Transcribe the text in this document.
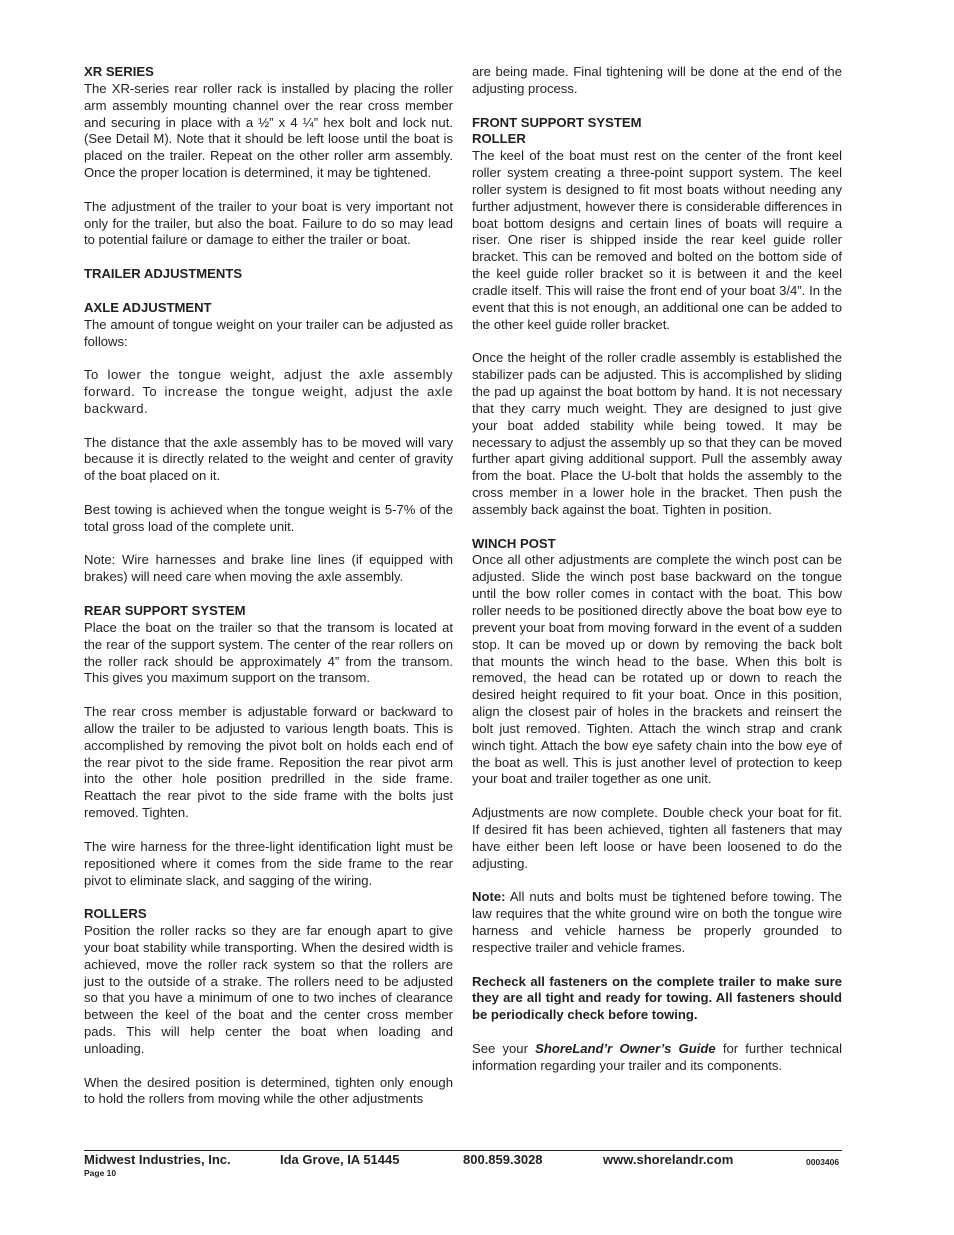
XR SERIES

The XR-series rear roller rack is installed by placing the roller arm assembly mounting channel over the rear cross member and securing in place with a ½” x 4 ¼” hex bolt and lock nut. (See Detail M). Note that it should be left loose until the boat is placed on the trailer. Repeat on the other roller arm assembly. Once the proper location is determined, it may be tightened.

The adjustment of the trailer to your boat is very important not only for the trailer, but also the boat. Failure to do so may lead to potential failure or damage to either the trailer or boat.

TRAILER ADJUSTMENTS
AXLE ADJUSTMENT

The amount of tongue weight on your trailer can be adjusted as follows:

To lower the tongue weight, adjust the axle assembly forward. To increase the tongue weight, adjust the axle backward.

The distance that the axle assembly has to be moved will vary because it is directly related to the weight and center of gravity of the boat placed on it.

Best towing is achieved when the tongue weight is 5-7% of the total gross load of the complete unit.

Note: Wire harnesses and brake line lines (if equipped with brakes) will need care when moving the axle assembly.

REAR SUPPORT SYSTEM

Place the boat on the trailer so that the transom is located at the rear of the support system. The center of the rear rollers on the roller rack should be approximately 4” from the transom. This gives you maximum support on the transom.

The rear cross member is adjustable forward or backward to allow the trailer to be adjusted to various length boats. This is accomplished by removing the pivot bolt on holds each end of the rear pivot to the side frame. Reposition the rear pivot arm into the other hole position predrilled in the side frame. Reattach the rear pivot to the side frame with the bolts just removed. Tighten.

The wire harness for the three-light identification light must be repositioned where it comes from the side frame to the rear pivot to eliminate slack, and sagging of the wiring.

ROLLERS

Position the roller racks so they are far enough apart to give your boat stability while transporting. When the desired width is achieved, move the roller rack system so that the rollers are just to the outside of a strake. The rollers need to be adjusted so that you have a minimum of one to two inches of clearance between the keel of the boat and the center cross member pads. This will help center the boat when loading and unloading.

When the desired position is determined, tighten only enough to hold the rollers from moving while the other adjustments

are being made. Final tightening will be done at the end of the adjusting process.

FRONT SUPPORT SYSTEM
ROLLER

The keel of the boat must rest on the center of the front keel roller system creating a three-point support system. The keel roller system is designed to fit most boats without needing any further adjustment, however there is considerable differences in boat bottom designs and certain lines of boats will require a riser. One riser is shipped inside the rear keel guide roller bracket. This can be removed and bolted on the bottom side of the keel guide roller bracket so it is between it and the keel cradle itself. This will raise the front end of your boat 3/4”. In the event that this is not enough, an additional one can be added to the other keel guide roller bracket.

Once the height of the roller cradle assembly is established the stabilizer pads can be adjusted. This is accomplished by sliding the pad up against the boat bottom by hand. It is not necessary that they carry much weight. They are designed to just give your boat added stability while being towed. It may be necessary to adjust the assembly up so that they can be moved further apart giving additional support. Pull the assembly away from the boat. Place the U-bolt that holds the assembly to the cross member in a lower hole in the bracket. Then push the assembly back against the boat. Tighten in position.

WINCH POST

Once all other adjustments are complete the winch post can be adjusted. Slide the winch post base backward on the tongue until the bow roller comes in contact with the boat. This bow roller needs to be positioned directly above the boat bow eye to prevent your boat from moving forward in the event of a sudden stop. It can be moved up or down by removing the back bolt that mounts the winch head to the base. When this bolt is removed, the head can be rotated up or down to reach the desired height required to fit your boat. Once in this position, align the closest pair of holes in the brackets and reinsert the bolt just removed. Tighten. Attach the winch strap and crank winch tight. Attach the bow eye safety chain into the bow eye of the boat as well. This is just another level of protection to keep your boat and trailer together as one unit.

Adjustments are now complete. Double check your boat for fit. If desired fit has been achieved, tighten all fasteners that may have either been left loose or have been loosened to do the adjusting.

Note: All nuts and bolts must be tightened before towing. The law requires that the white ground wire on both the tongue wire harness and vehicle harness be properly grounded to respective trailer and vehicle frames.

Recheck all fasteners on the complete trailer to make sure they are all tight and ready for towing. All fasteners should be periodically check before towing.

See your ShoreLand’r Owner’s Guide for further technical information regarding your trailer and its components.

Midwest Industries, Inc.	Ida Grove, IA 51445	800.859.3028	www.shorelandr.com	0003406
Page 10
